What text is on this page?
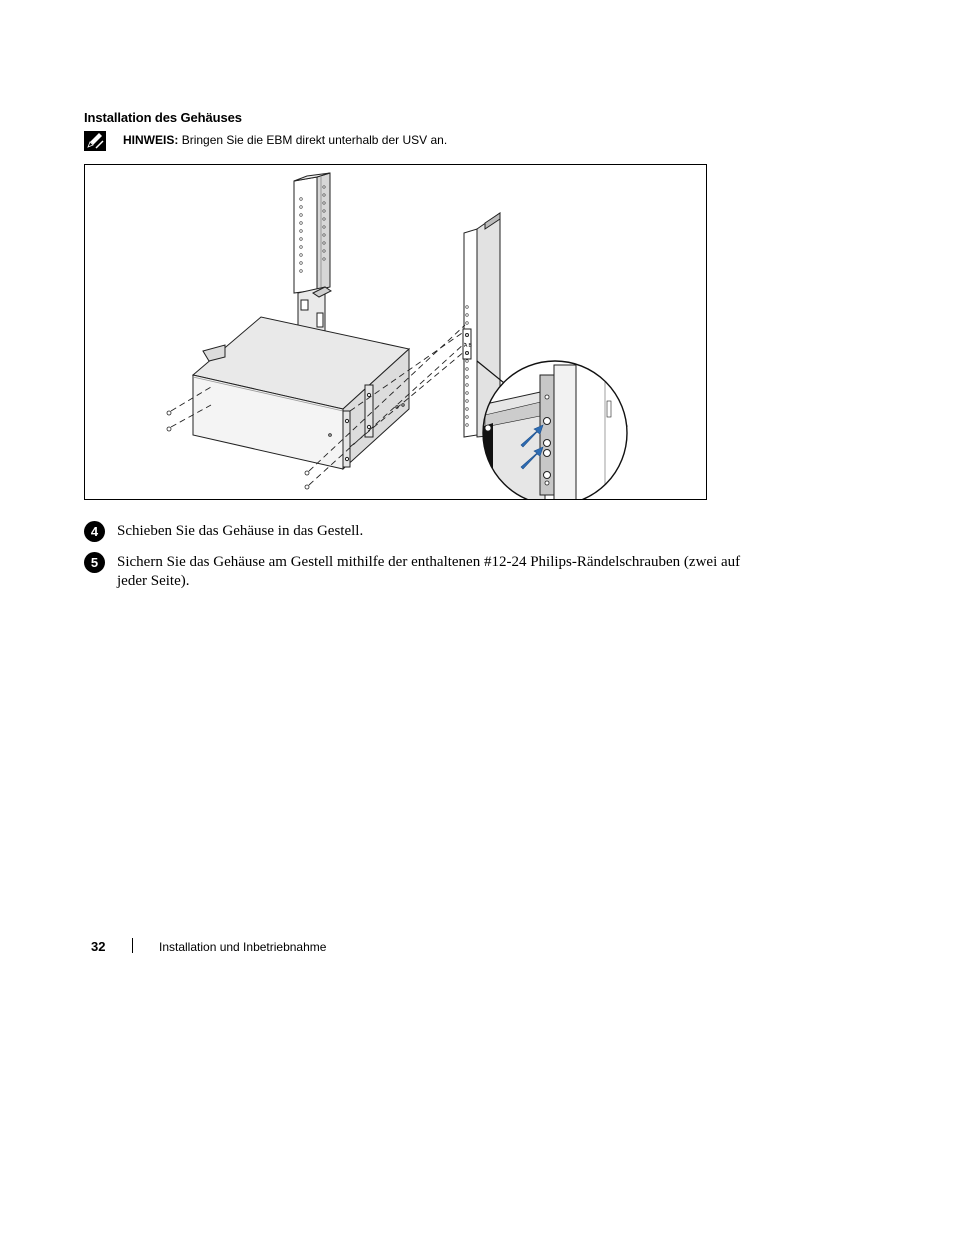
Installation des Gehäuses
HINWEIS: Bringen Sie die EBM direkt unterhalb der USV an.
A B
4	Schieben Sie das Gehäuse in das Gestell.
5	Sichern Sie das Gehäuse am Gestell mithilfe der enthaltenen #12-24 Philips-Rändelschrauben (zwei auf jeder Seite).
32	Installation und Inbetriebnahme
